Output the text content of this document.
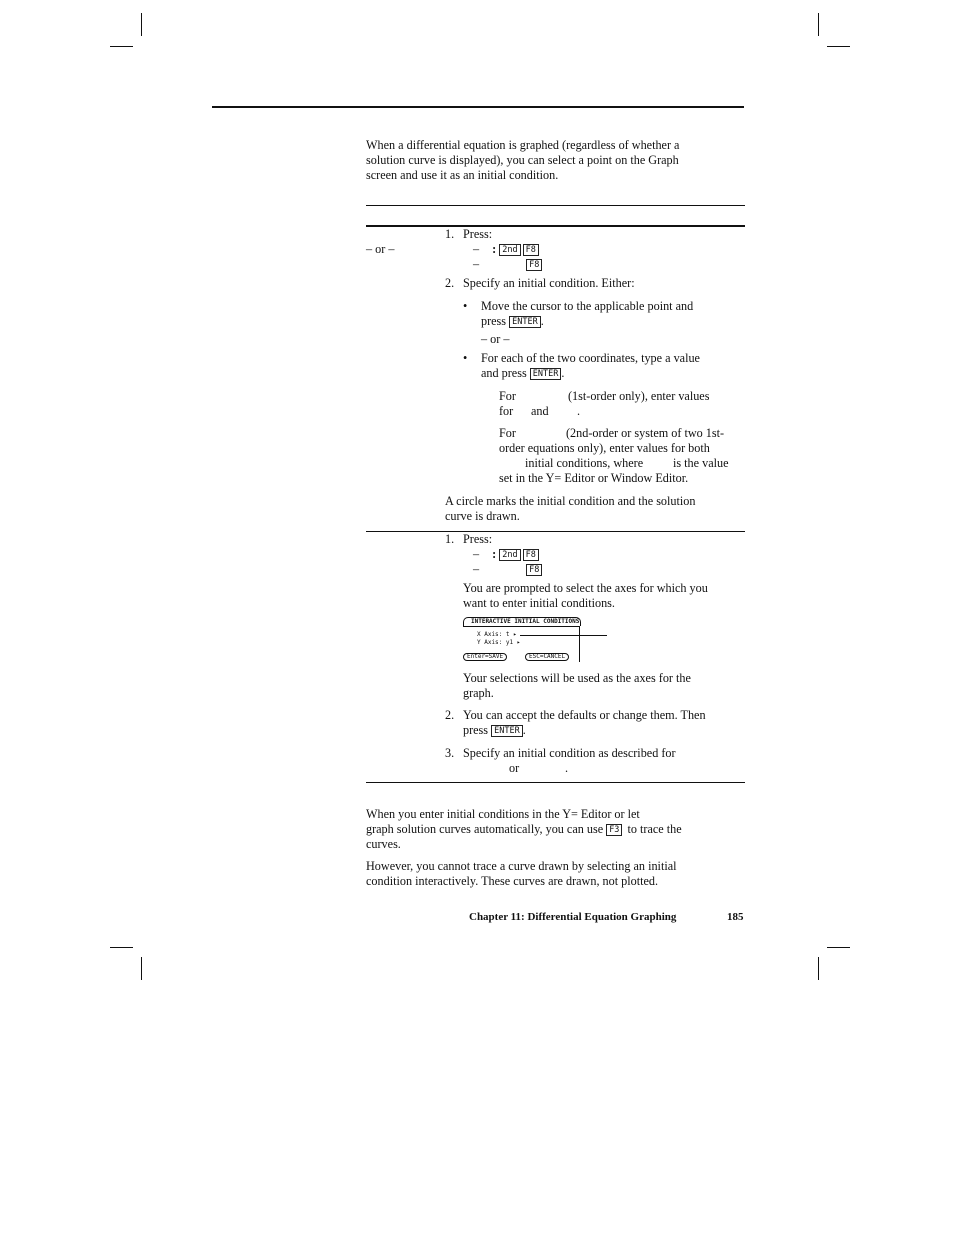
When a differential equation is graphed (regardless of whether a
solution curve is displayed), you can select a point on the Graph
screen and use it as an initial condition.
– or –
1. Press:
– : 2nd F8
–	F8
2. Specify an initial condition. Either:
• Move the cursor to the applicable point and
press ENTER .
– or –
• For each of the two coordinates, type a value
and press ENTER .
For	(1st-order only), enter values
for and .
For	(2nd-order or system of two 1st-
order equations only), enter values for both
initial conditions, where is the value
set in the Y= Editor or Window Editor.
A circle marks the initial condition and the solution
curve is drawn.
1. Press:
– : 2nd F8
–	F8
You are prompted to select the axes for which you
want to enter initial conditions.
INTERACTIVE INITIAL CONDITIONS
X Axis: t ▸
Y Axis: y1 ▸
Enter=SAVE	ESC=CANCEL
Your selections will be used as the axes for the
graph.
2. You can accept the defaults or change them. Then
press ENTER .
3. Specify an initial condition as described for
or	.
When you enter initial conditions in the Y= Editor or let
graph solution curves automatically, you can use F3 to trace the
curves.
However, you cannot trace a curve drawn by selecting an initial
condition interactively. These curves are drawn, not plotted.
Chapter 11: Differential Equation Graphing	185
